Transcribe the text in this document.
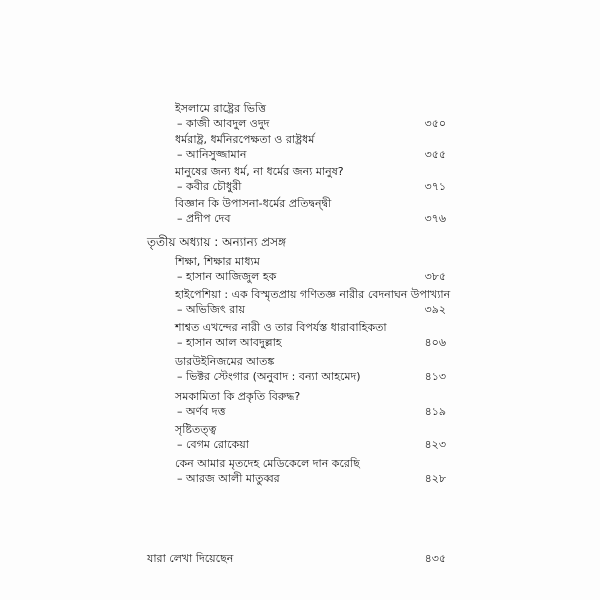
ইসলামে রাষ্ট্রের ভিত্তি
– কাজী আবদুল ওদুদ	৩৫০
ধর্মরাষ্ট্র, ধর্মনিরপেক্ষতা ও রাষ্ট্রধর্ম
– আনিসুজ্জামান	৩৫৫
মানুষের জন্য ধর্ম, না ধর্মের জন্য মানুষ?
– কবীর চৌধুরী	৩৭১
বিজ্ঞান কি উপাসনা-ধর্মের প্রতিদ্বন্দ্বী
– প্রদীপ দেব	৩৭৬
তৃতীয় অধ্যায় : অন্যান্য প্রসঙ্গ
শিক্ষা, শিক্ষার মাধ্যম
– হাসান আজিজুল হক	৩৮৫
হাইপেশিয়া : এক বিস্মৃতপ্রায় গণিতজ্ঞ নারীর বেদনাঘন উপাখ্যান
– অভিজিৎ রায়	৩৯২
শাশ্বত এখন্দের নারী ও তার বিপর্যস্ত ধারাবাহিকতা
– হাসান আল আবদুল্লাহ	৪০৬
ডারউইনিজমের আতঙ্ক
– ভিক্টর স্টেংগার (অনুবাদ : বন্যা আহমেদ)	৪১৩
সমকামিতা কি প্রকৃতি বিরুদ্ধ?
– অর্ণব দত্ত	৪১৯
সৃষ্টিতত্ত্ব
– বেগম রোকেয়া	৪২৩
কেন আমার মৃতদেহ মেডিকেলে দান করেছি
– আরজ আলী মাতুব্বর	৪২৮
যারা লেখা দিয়েছেন	৪৩৫
